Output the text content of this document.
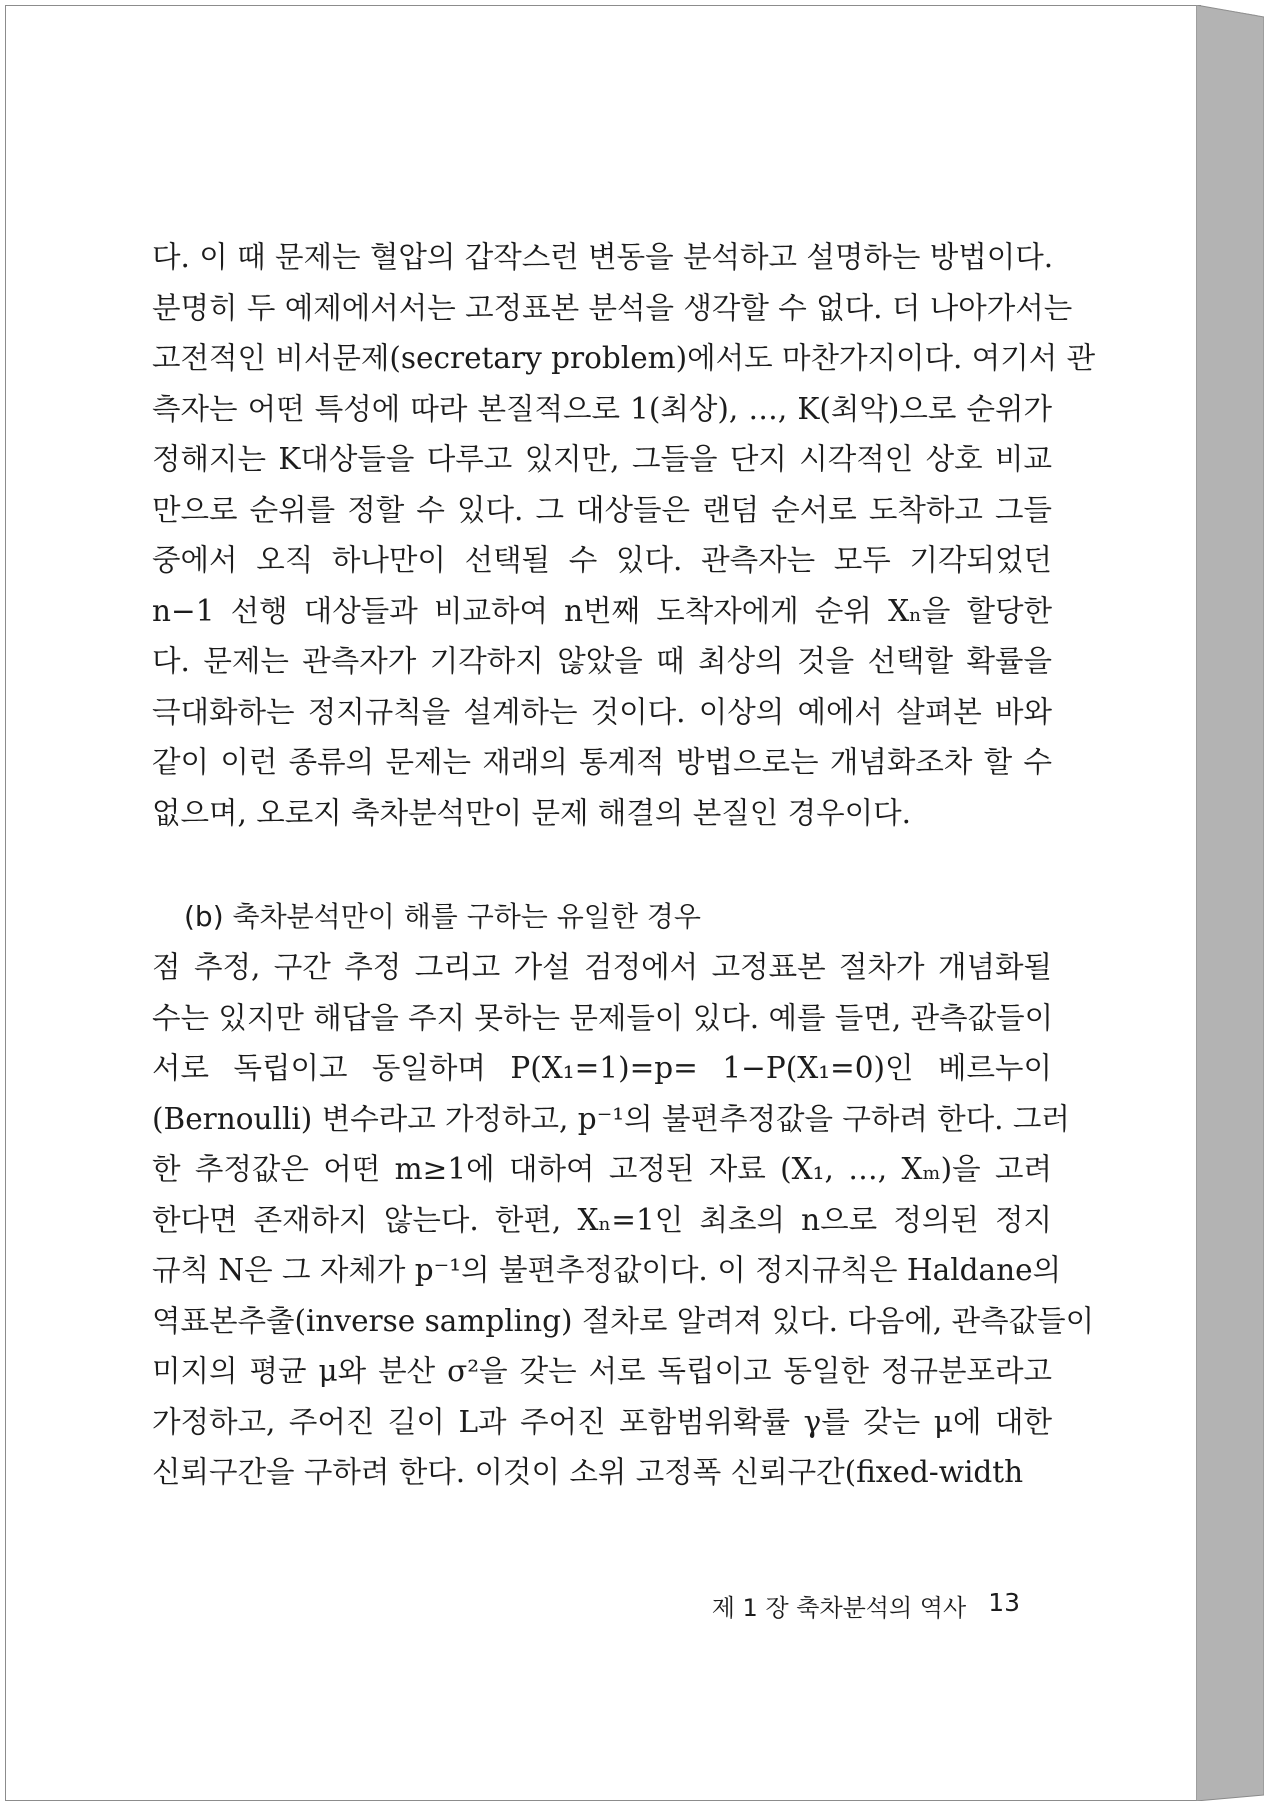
다. 이 때 문제는 혈압의 갑작스런 변동을 분석하고 설명하는 방법이다.
분명히 두 예제에서서는 고정표본 분석을 생각할 수 없다. 더 나아가서는
고전적인 비서문제(secretary problem)에서도 마찬가지이다. 여기서 관
측자는 어떤 특성에 따라 본질적으로 1(최상), …, K(최악)으로 순위가
정해지는 K대상들을 다루고 있지만, 그들을 단지 시각적인 상호 비교
만으로 순위를 정할 수 있다. 그 대상들은 랜덤 순서로 도착하고 그들
중에서 오직 하나만이 선택될 수 있다. 관측자는 모두 기각되었던
n−1 선행 대상들과 비교하여 n번째 도착자에게 순위 Xₙ을 할당한
다. 문제는 관측자가 기각하지 않았을 때 최상의 것을 선택할 확률을
극대화하는 정지규칙을 설계하는 것이다. 이상의 예에서 살펴본 바와
같이 이런 종류의 문제는 재래의 통계적 방법으로는 개념화조차 할 수
없으며, 오로지 축차분석만이 문제 해결의 본질인 경우이다.
(b) 축차분석만이 해를 구하는 유일한 경우
점 추정, 구간 추정 그리고 가설 검정에서 고정표본 절차가 개념화될
수는 있지만 해답을 주지 못하는 문제들이 있다. 예를 들면, 관측값들이
서로 독립이고 동일하며 P(X₁=1)=p= 1−P(X₁=0)인 베르누이
(Bernoulli) 변수라고 가정하고, p⁻¹의 불편추정값을 구하려 한다. 그러
한 추정값은 어떤 m≥1에 대하여 고정된 자료 (X₁, …, Xₘ)을 고려
한다면 존재하지 않는다. 한편, Xₙ=1인 최초의 n으로 정의된 정지
규칙 N은 그 자체가 p⁻¹의 불편추정값이다. 이 정지규칙은 Haldane의
역표본추출(inverse sampling) 절차로 알려져 있다. 다음에, 관측값들이
미지의 평균 μ와 분산 σ²을 갖는 서로 독립이고 동일한 정규분포라고
가정하고, 주어진 길이 L과 주어진 포함범위확률 γ를 갖는 μ에 대한
신뢰구간을 구하려 한다. 이것이 소위 고정폭 신뢰구간(fixed-width
제 1 장 축차분석의 역사 13
